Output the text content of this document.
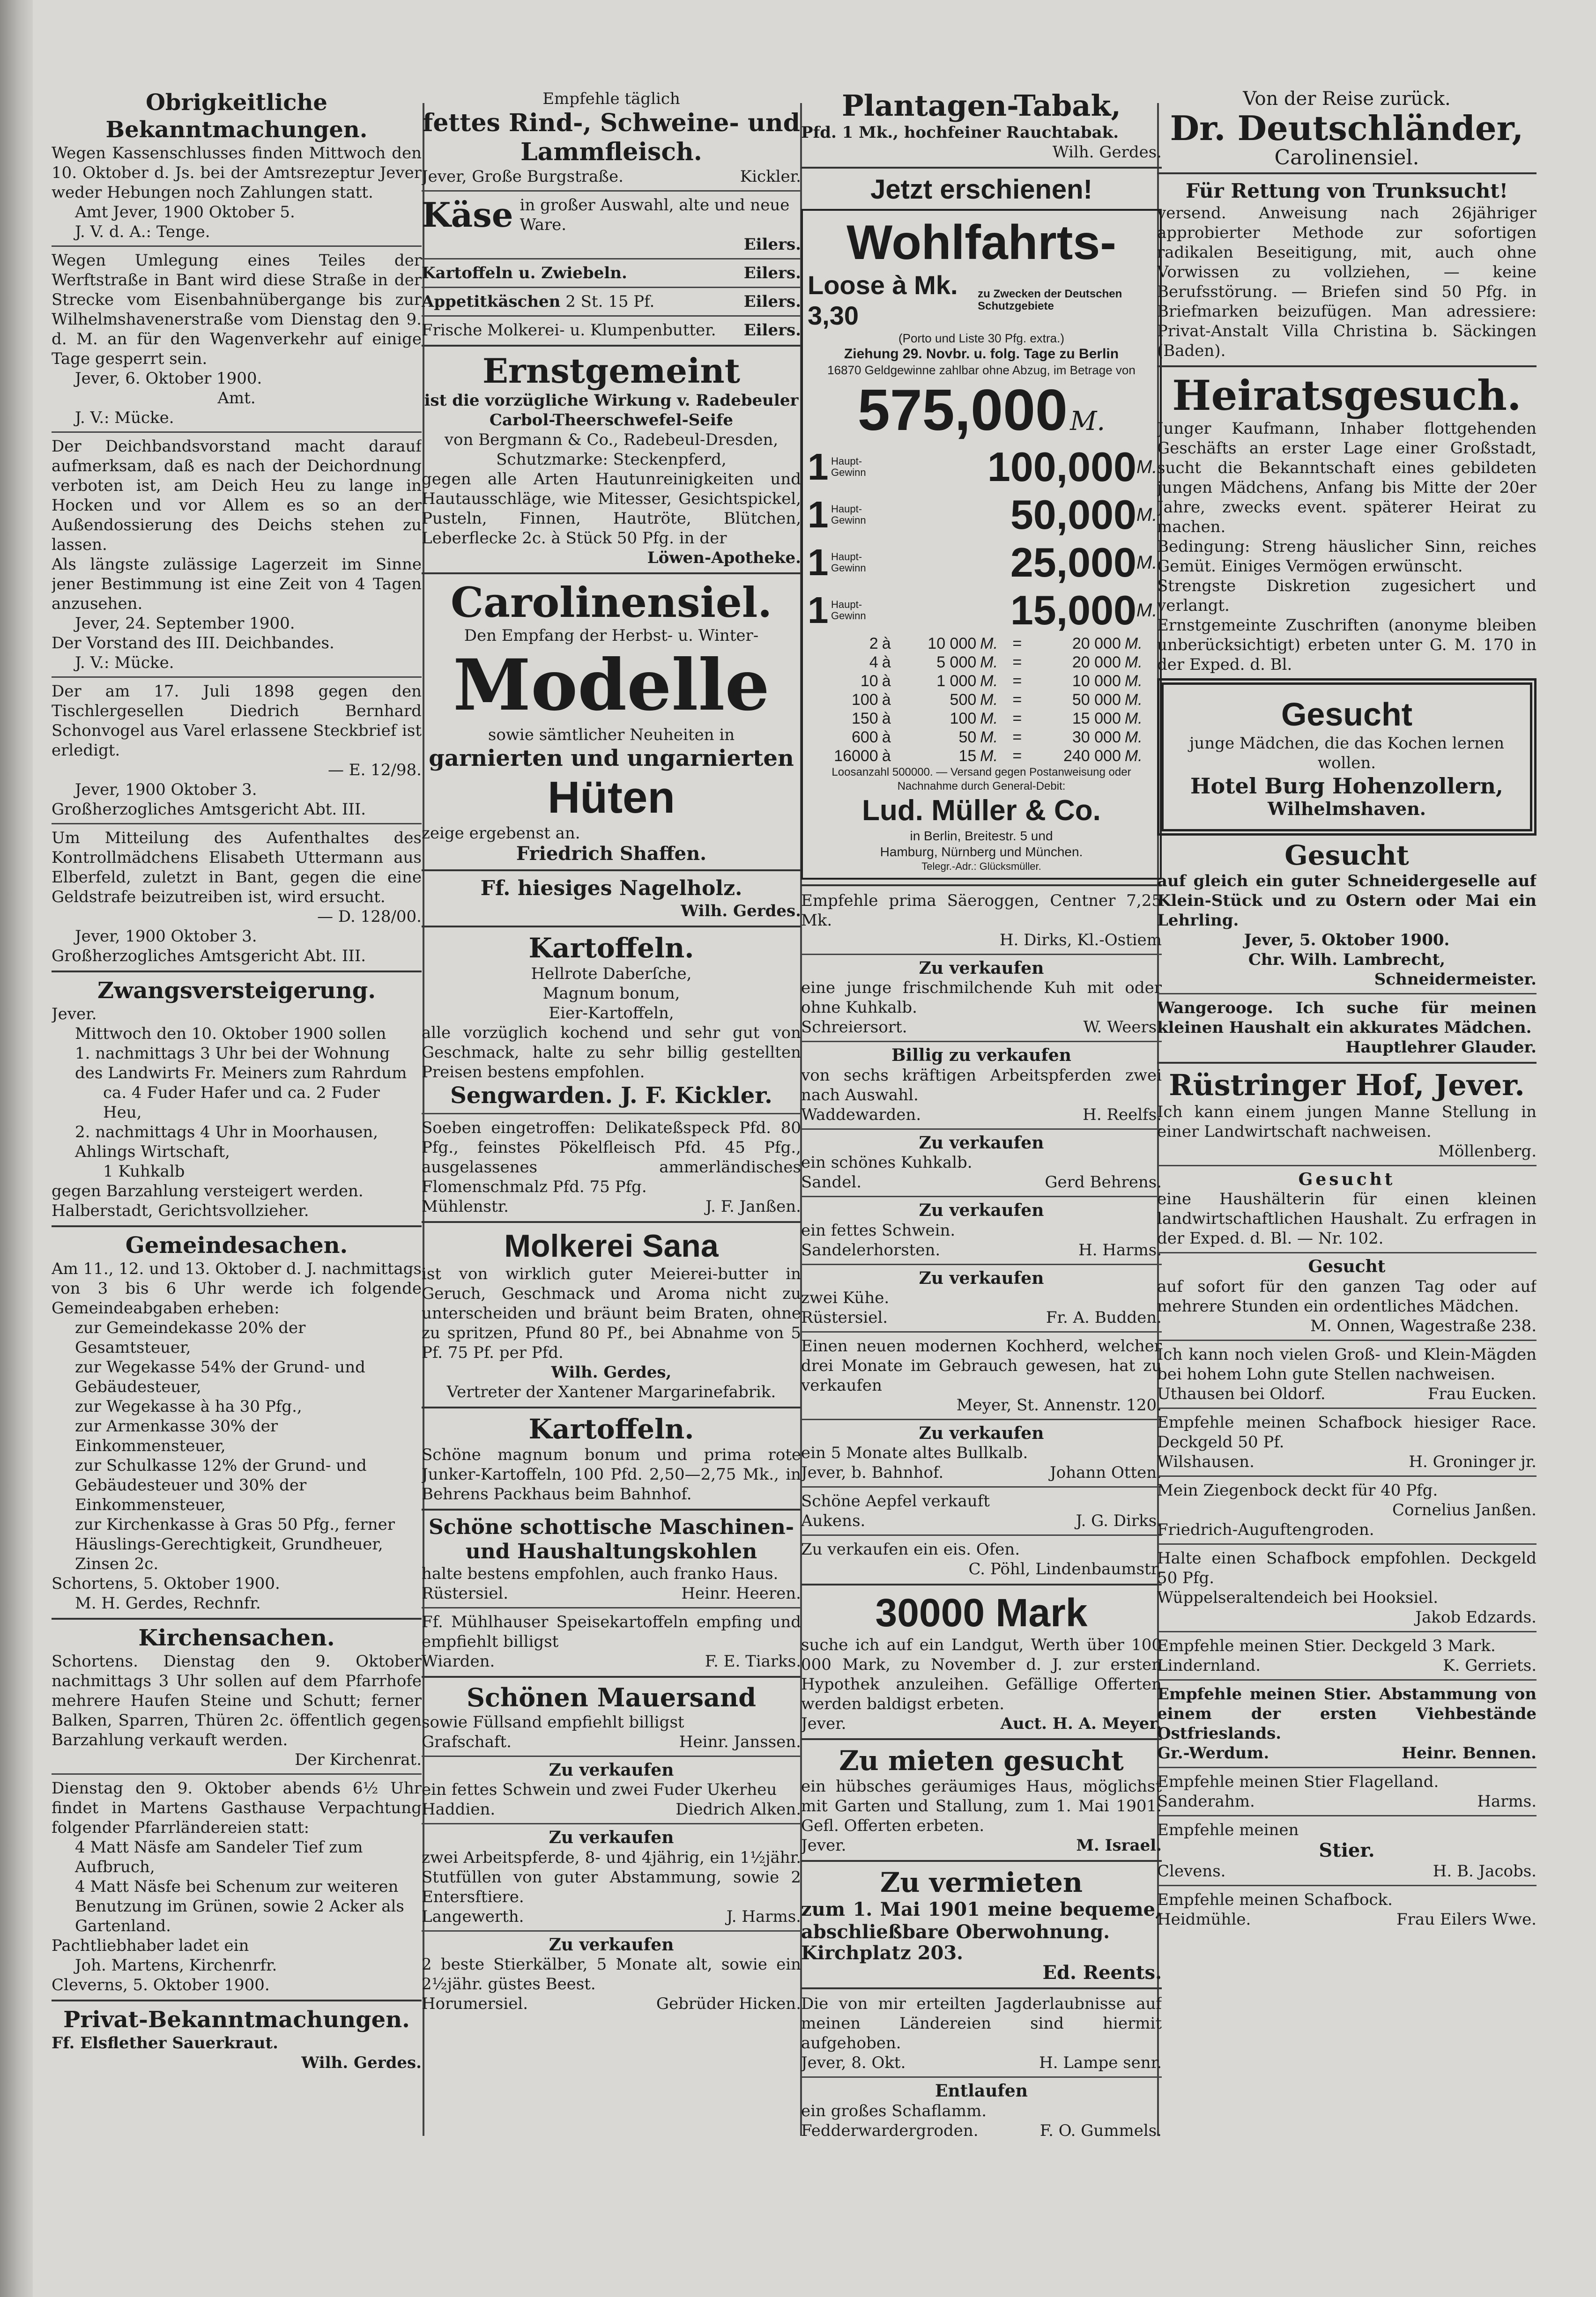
Obrigkeitliche Bekanntmachungen.
Wegen Kassenschlusses finden Mittwoch den 10. Oktober d. Js. bei der Amtsrezeptur Jever weder Hebungen noch Zahlungen statt.
Amt Jever, 1900 Oktober 5.
J. V. d. A.: Tenge.
Wegen Umlegung eines Teiles der Werftstraße in Bant wird diese Straße in der Strecke vom Eisenbahnübergange bis zur Wilhelmshavenerstraße vom Dienstag den 9. d. M. an für den Wagenverkehr auf einige Tage gesperrt sein.
Jever, 6. Oktober 1900.
Amt.
J. V.: Mücke.
Der Deichbandsvorstand macht darauf aufmerksam, daß es nach der Deichordnung verboten ist, am Deich Heu zu lange in Hocken und vor Allem es so an der Außendossierung des Deichs stehen zu lassen.
Als längste zulässige Lagerzeit im Sinne jener Bestimmung ist eine Zeit von 4 Tagen anzusehen.
Jever, 24. September 1900.
Der Vorstand des III. Deichbandes.
J. V.: Mücke.
Der am 17. Juli 1898 gegen den Tischlergesellen Diedrich Bernhard Schonvogel aus Varel erlassene Steckbrief ist erledigt.
— E. 12/98.
Jever, 1900 Oktober 3.
Großherzogliches Amtsgericht Abt. III.
Um Mitteilung des Aufenthaltes des Kontrollmädchens Elisabeth Uttermann aus Elberfeld, zuletzt in Bant, gegen die eine Geldstrafe beizutreiben ist, wird ersucht.
— D. 128/00.
Jever, 1900 Oktober 3.
Großherzogliches Amtsgericht Abt. III.
Zwangsversteigerung.
Jever.
Mittwoch den 10. Oktober 1900 sollen
1. nachmittags 3 Uhr bei der Wohnung des Landwirts Fr. Meiners zum Rahrdum
ca. 4 Fuder Hafer und ca. 2 Fuder Heu,
2. nachmittags 4 Uhr in Moorhausen, Ahlings Wirtschaft,
1 Kuhkalb
gegen Barzahlung versteigert werden.
Halberstadt, Gerichtsvollzieher.
Gemeindesachen.
Am 11., 12. und 13. Oktober d. J. nachmittags von 3 bis 6 Uhr werde ich folgende Gemeindeabgaben erheben:
zur Gemeindekasse 20% der Gesamtsteuer,
zur Wegekasse 54% der Grund- und Gebäudesteuer,
zur Wegekasse à ha 30 Pfg.,
zur Armenkasse 30% der Einkommensteuer,
zur Schulkasse 12% der Grund- und Gebäudesteuer und 30% der Einkommensteuer,
zur Kirchenkasse à Gras 50 Pfg., ferner Häuslings-Gerechtigkeit, Grundheuer, Zinsen 2c.
Schortens, 5. Oktober 1900.
M. H. Gerdes, Rechnfr.
Kirchensachen.
Schortens. Dienstag den 9. Oktober nachmittags 3 Uhr sollen auf dem Pfarrhofe mehrere Haufen Steine und Schutt; ferner Balken, Sparren, Thüren 2c. öffentlich gegen Barzahlung verkauft werden.
Der Kirchenrat.
Dienstag den 9. Oktober abends 6½ Uhr findet in Martens Gasthause Verpachtung folgender Pfarrländereien statt:
4 Matt Näsfe am Sandeler Tief zum Aufbruch,
4 Matt Näsfe bei Schenum zur weiteren Benutzung im Grünen, sowie 2 Acker als Gartenland.
Pachtliebhaber ladet ein
Joh. Martens, Kirchenrfr.
Cleverns, 5. Oktober 1900.
Privat-Bekanntmachungen.
Ff. Elsflether Sauerkraut.
Wilh. Gerdes.
Empfehle täglich
fettes Rind-, Schweine- und Lammfleisch.
Jever, Große Burgstraße.	Kickler.
Käse in großer Auswahl, alte und neue Ware.
Eilers.
Kartoffeln u. Zwiebeln.	Eilers.
Appetitkäschen 2 St. 15 Pf.	Eilers.
Frische Molkerei- u. Klumpenbutter. Eilers.
Ernstgemeint
ist die vorzügliche Wirkung v. Radebeuler Carbol-Theerschwefel-Seife
von Bergmann & Co., Radebeul-Dresden,
Schutzmarke: Steckenpferd,
gegen alle Arten Hautunreinigkeiten und Hautausschläge, wie Mitesser, Gesichtspickel, Pusteln, Finnen, Hautröte, Blütchen, Leberflecke 2c. à Stück 50 Pfg. in der
Löwen-Apotheke.
Carolinensiel.
Den Empfang der Herbst- u. Winter-
Modelle
sowie sämtlicher Neuheiten in
garnierten und ungarnierten
Hüten
zeige ergebenst an.
Friedrich Shaffen.
Ff. hiesiges Nagelholz.
Wilh. Gerdes.
Kartoffeln.
Hellrote Daberſche,
Magnum bonum,
Eier-Kartoffeln,
alle vorzüglich kochend und sehr gut von Geschmack, halte zu sehr billig gestellten Preisen bestens empfohlen.
Sengwarden. J. F. Kickler.
Soeben eingetroffen: Delikateßspeck Pfd. 80 Pfg., feinstes Pökelfleisch Pfd. 45 Pfg., ausgelassenes ammerländisches Flomenschmalz Pfd. 75 Pfg.
Mühlenstr.	J. F. Janßen.
Molkerei Sana
ist von wirklich guter Meierei-butter in Geruch, Geschmack und Aroma nicht zu unterscheiden und bräunt beim Braten, ohne zu spritzen, Pfund 80 Pf., bei Abnahme von 5 Pf. 75 Pf. per Pfd.
Wilh. Gerdes,
Vertreter der Xantener Margarinefabrik.
Kartoffeln.
Schöne magnum bonum und prima rote Junker-Kartoffeln, 100 Pfd. 2,50—2,75 Mk., in Behrens Packhaus beim Bahnhof.
Schöne schottische Maschinen- und Haushaltungskohlen
halte bestens empfohlen, auch franko Haus.
Rüstersiel.	Heinr. Heeren.
Ff. Mühlhauser Speisekartoffeln empfing und empfiehlt billigst
Wiarden.	F. E. Tiarks.
Schönen Mauersand
sowie Füllsand empfiehlt billigst
Grafschaft.	Heinr. Janssen.
Zu verkaufen
ein fettes Schwein und zwei Fuder Ukerheu
Haddien.	Diedrich Alken.
Zu verkaufen
zwei Arbeitspferde, 8- und 4jährig, ein 1½jähr. Stutfüllen von guter Abstammung, sowie 2 Entersftiere.
Langewerth.	J. Harms.
Zu verkaufen
2 beste Stierkälber, 5 Monate alt, sowie ein 2½jähr. güstes Beest.
Horumersiel.	Gebrüder Hicken.
Plantagen-Tabak,
Pfd. 1 Mk., hochfeiner Rauchtabak.
Wilh. Gerdes.
Jetzt erschienen!
Wohlfahrts-
Loose à Mk. 3,30
zu Zwecken der Deutschen Schutzgebiete
(Porto und Liste 30 Pfg. extra.)
Ziehung 29. Novbr. u. folg. Tage zu Berlin
16870 Geldgewinne zahlbar ohne Abzug, im Betrage von
575,000 M.
1 Haupt-Gewinn	100,000 M.
1 Haupt-Gewinn	50,000 M.
1 Haupt-Gewinn	25,000 M.
1 Haupt-Gewinn	15,000 M.
2	à	10 000	M.	=	20 000	M.
4	à	5 000	M.	=	20 000	M.
10	à	1 000	M.	=	10 000	M.
100	à	500	M.	=	50 000	M.
150	à	100	M.	=	15 000	M.
600	à	50	M.	=	30 000	M.
16000	à	15	M.	=	240 000	M.
Loosanzahl 500000. — Versand gegen Postanweisung oder Nachnahme durch General-Debit:
Lud. Müller & Co.
in Berlin, Breitestr. 5 und
Hamburg, Nürnberg und München.
Telegr.-Adr.: Glücksmüller.
Empfehle prima Säeroggen, Centner 7,25 Mk.
H. Dirks, Kl.-Ostiem
Zu verkaufen
eine junge frischmilchende Kuh mit oder ohne Kuhkalb.
Schreiersort.	W. Weers.
Billig zu verkaufen
von sechs kräftigen Arbeitspferden zwei nach Auswahl.
Waddewarden.	H. Reelfs.
Zu verkaufen
ein schönes Kuhkalb.
Sandel.	Gerd Behrens.
Zu verkaufen
ein fettes Schwein.
Sandelerhorsten.	H. Harms.
Zu verkaufen
zwei Kühe.
Rüstersiel.	Fr. A. Budden.
Einen neuen modernen Kochherd, welcher drei Monate im Gebrauch gewesen, hat zu verkaufen
Meyer, St. Annenstr. 120.
Zu verkaufen
ein 5 Monate altes Bullkalb.
Jever, b. Bahnhof.	Johann Otten.
Schöne Aepfel verkauft
Aukens.	J. G. Dirks.
Zu verkaufen ein eis. Ofen.
C. Pöhl, Lindenbaumstr.
30000 Mark
suche ich auf ein Landgut, Werth über 100 000 Mark, zu November d. J. zur ersten Hypothek anzuleihen. Gefällige Offerten werden baldigst erbeten.
Jever.	Auct. H. A. Meyer.
Zu mieten gesucht
ein hübsches geräumiges Haus, möglichst mit Garten und Stallung, zum 1. Mai 1901. Gefl. Offerten erbeten.
Jever.	M. Israel.
Zu vermieten
zum 1. Mai 1901 meine bequeme, abschließbare Oberwohnung.
Kirchplatz 203.
Ed. Reents.
Die von mir erteilten Jagderlaubnisse auf meinen Ländereien sind hiermit aufgehoben.
Jever, 8. Okt.	H. Lampe senr.
Entlaufen
ein großes Schaflamm.
Fedderwardergroden.	F. O. Gummels.
Von der Reise zurück.
Dr. Deutschländer,
Carolinensiel.
Für Rettung von Trunksucht!
versend. Anweisung nach 26jähriger approbierter Methode zur sofortigen radikalen Beseitigung, mit, auch ohne Vorwissen zu vollziehen, — keine Berufsstörung. — Briefen sind 50 Pfg. in Briefmarken beizufügen. Man adressiere: Privat-Anstalt Villa Christina b. Säckingen (Baden).
Heiratsgesuch.
Junger Kaufmann, Inhaber flottgehenden Geschäfts an erster Lage einer Großstadt, sucht die Bekanntschaft eines gebildeten jungen Mädchens, Anfang bis Mitte der 20er Jahre, zwecks event. späterer Heirat zu machen.
Bedingung: Streng häuslicher Sinn, reiches Gemüt. Einiges Vermögen erwünscht.
Strengste Diskretion zugesichert und verlangt.
Ernstgemeinte Zuschriften (anonyme bleiben unberücksichtigt) erbeten unter G. M. 170 in der Exped. d. Bl.
Gesucht
junge Mädchen, die das Kochen lernen wollen.
Hotel Burg Hohenzollern,
Wilhelmshaven.
Gesucht
auf gleich ein guter Schneidergeselle auf Klein-Stück und zu Ostern oder Mai ein Lehrling.
Jever, 5. Oktober 1900.
Chr. Wilh. Lambrecht,
Schneidermeister.
Wangerooge. Ich suche für meinen kleinen Haushalt ein akkurates Mädchen.
Hauptlehrer Glauder.
Rüstringer Hof, Jever.
Ich kann einem jungen Manne Stellung in einer Landwirtschaft nachweisen.
Möllenberg.
Gesucht
eine Haushälterin für einen kleinen landwirtschaftlichen Haushalt. Zu erfragen in der Exped. d. Bl. — Nr. 102.
Gesucht
auf sofort für den ganzen Tag oder auf mehrere Stunden ein ordentliches Mädchen.
M. Onnen, Wagestraße 238.
Ich kann noch vielen Groß- und Klein-Mägden bei hohem Lohn gute Stellen nachweisen.
Uthausen bei Oldorf.	Frau Eucken.
Empfehle meinen Schafbock hiesiger Race. Deckgeld 50 Pf.
Wilshausen.	H. Groninger jr.
Mein Ziegenbock deckt für 40 Pfg.
Cornelius Janßen.
Friedrich-Auguftengroden.
Halte einen Schafbock empfohlen. Deckgeld 50 Pfg.
Wüppelseraltendeich bei Hooksiel.
Jakob Edzards.
Empfehle meinen Stier. Deckgeld 3 Mark.
Lindernland.	K. Gerriets.
Empfehle meinen Stier. Abstammung von einem der ersten Viehbestände Ostfrieslands.
Gr.-Werdum.	Heinr. Bennen.
Empfehle meinen Stier Flagelland.
Sanderahm.	Harms.
Empfehle meinen
Stier.
Clevens.	H. B. Jacobs.
Empfehle meinen Schafbock.
Heidmühle.	Frau Eilers Wwe.
